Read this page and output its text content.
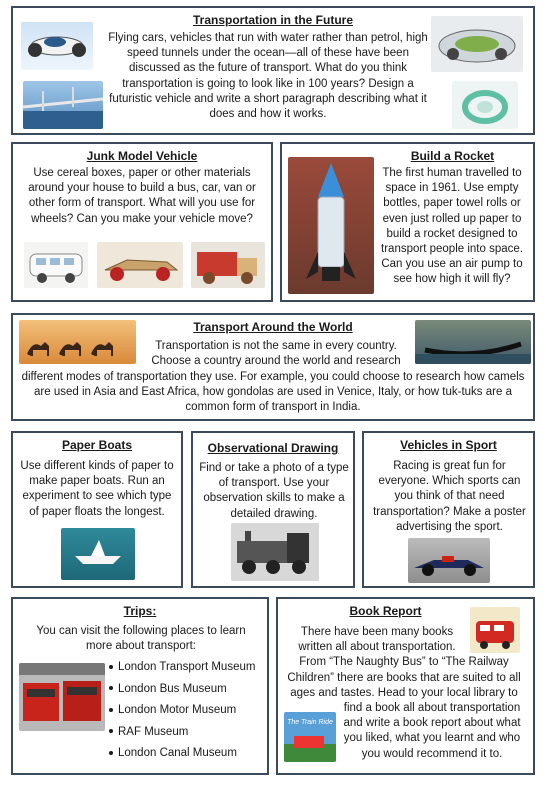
Transportation in the Future
Flying cars, vehicles that run with water rather than petrol, high speed tunnels under the ocean—all of these have been discussed as the future of transport. What do you think transportation is going to look like in 100 years? Design a futuristic vehicle and write a short paragraph describing what it does and how it works.
Junk Model Vehicle
Use cereal boxes, paper or other materials around your house to build a bus, car, van or other form of transport. What will you use for wheels? Can you make your vehicle move?
Build a Rocket
The first human travelled to space in 1961. Use empty bottles, paper towel rolls or even just rolled up paper to build a rocket designed to transport people into space. Can you use an air pump to see how high it will fly?
Transport Around the World
Transportation is not the same in every country.
Choose a country around the world and research
different modes of transportation they use. For example, you could choose to research how camels are used in Asia and East Africa, how gondolas are used in Venice, Italy, or how tuk-tuks are a common form of transport in India.
Paper Boats
Use different kinds of paper to make paper boats. Run an experiment to see which type of paper floats the longest.
Observational Drawing
Find or take a photo of a type of transport. Use your observation skills to make a detailed drawing.
Vehicles in Sport
Racing is great fun for everyone. Which sports can you think of that need transportation? Make a poster advertising the sport.
Trips:
You can visit the following places to learn more about transport:
London Transport Museum
London Bus Museum
London Motor Museum
RAF Museum
London Canal Museum
Book Report
The Train Ride
There have been many books written all about transportation. From “The Naughty Bus” to “The Railway Children” there are books that are suited to all ages and tastes. Head to your local library to find a book all about transportation and write a book report about what you liked, what you learnt and who you would recommend it to.
